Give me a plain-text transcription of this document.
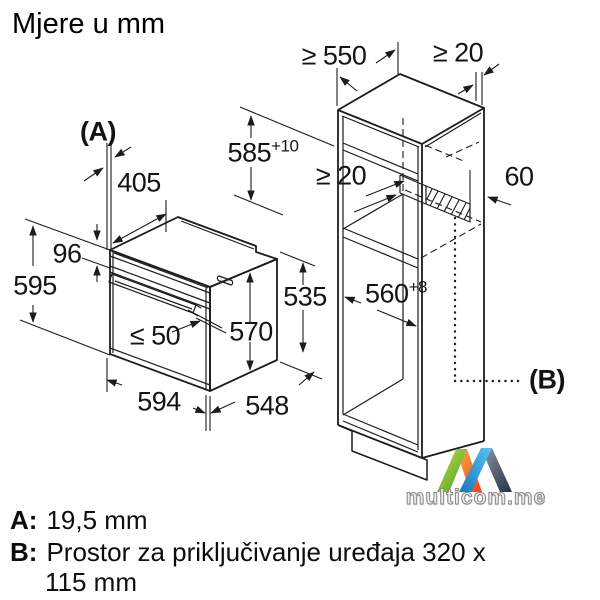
Mjere u mm
(A)
405
96
595
≤ 50 570
535
594 548
≥ 550 ≥ 20
$585^{+10}$
≥ 20	60
$560^{+8}$
(B)
A: 19,5 mm
B: Prostor za priključivanje uređaja 320 x
115 mm
multicom.me
